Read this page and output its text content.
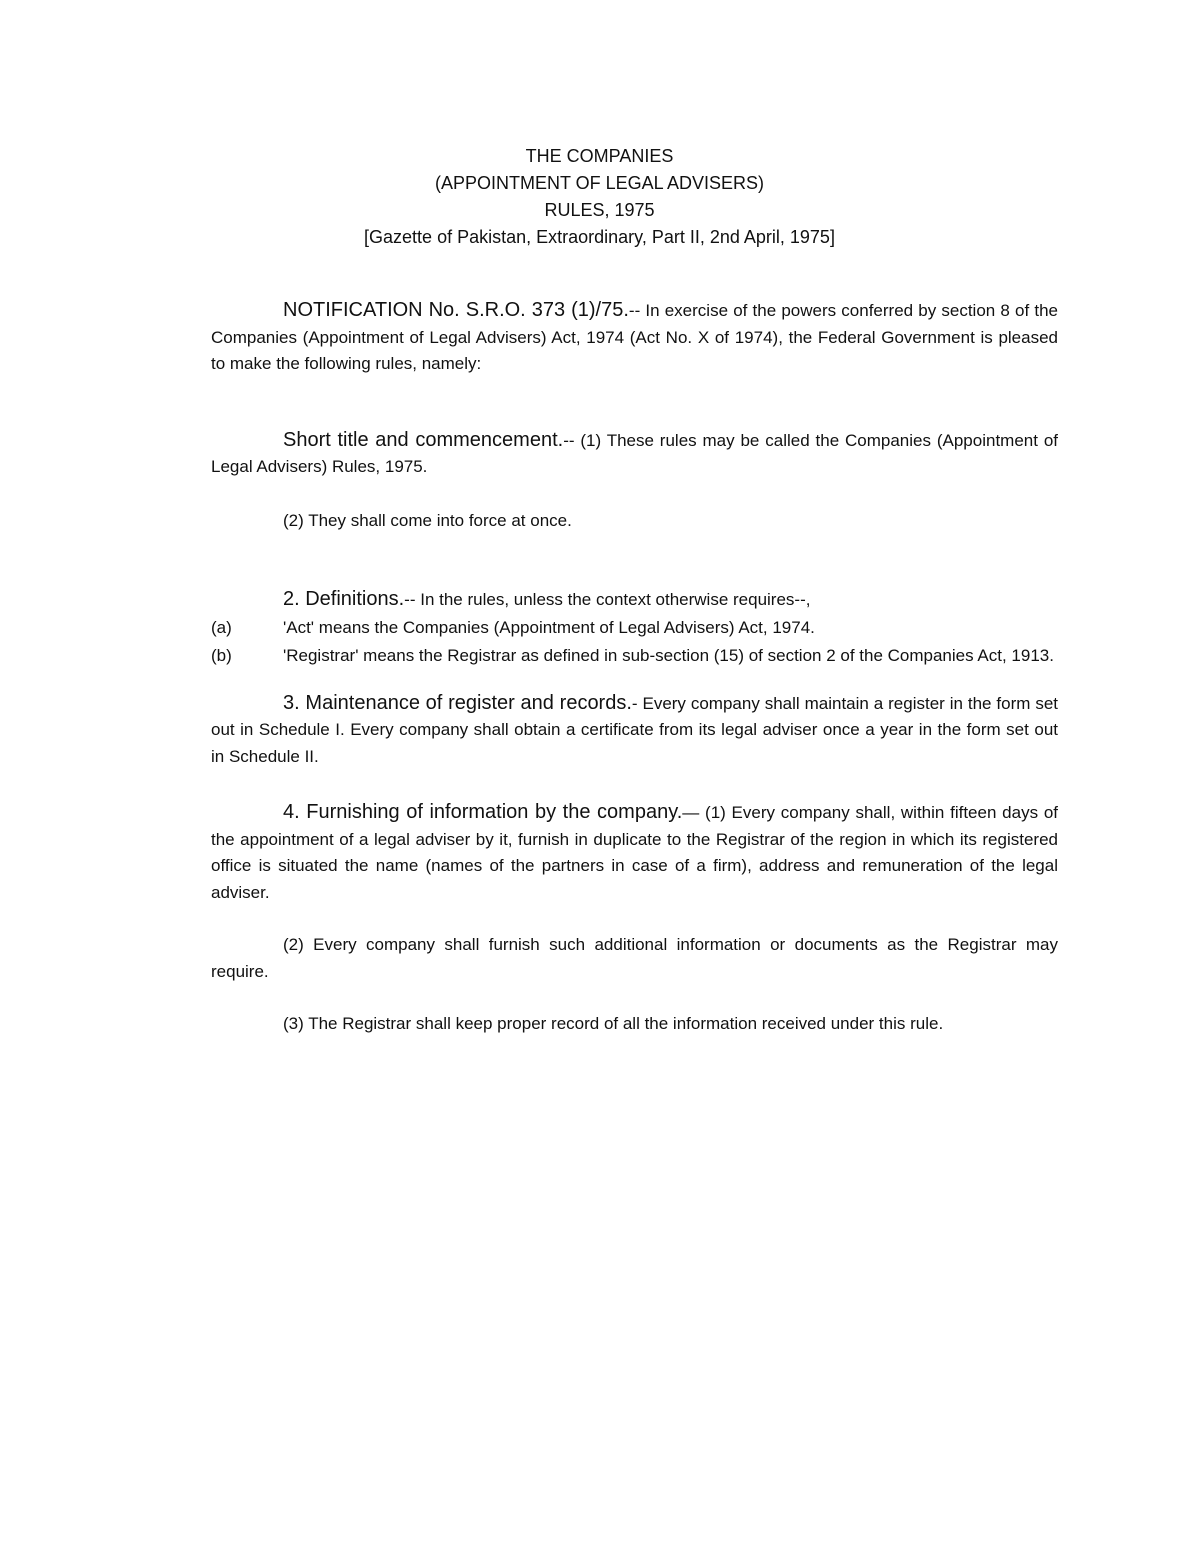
THE COMPANIES
(APPOINTMENT OF LEGAL ADVISERS)
RULES, 1975
[Gazette of Pakistan, Extraordinary, Part II, 2nd April, 1975]

NOTIFICATION No. S.R.O. 373 (1)/75.-- In exercise of the powers conferred by section 8 of the Companies (Appointment of Legal Advisers) Act, 1974 (Act No. X of 1974), the Federal Government is pleased to make the following rules, namely:

Short title and commencement.-- (1) These rules may be called the Companies (Appointment of Legal Advisers) Rules, 1975.

(2) They shall come into force at once.

2. Definitions.-- In the rules, unless the context otherwise requires--,

(a)	'Act' means the Companies (Appointment of Legal Advisers) Act, 1974.
(b)	'Registrar' means the Registrar as defined in sub-section (15) of section 2 of the Companies Act, 1913.

3. Maintenance of register and records.- Every company shall maintain a register in the form set out in Schedule I. Every company shall obtain a certificate from its legal adviser once a year in the form set out in Schedule II.

4. Furnishing of information by the company.— (1) Every company shall, within fifteen days of the appointment of a legal adviser by it, furnish in duplicate to the Registrar of the region in which its registered office is situated the name (names of the partners in case of a firm), address and remuneration of the legal adviser.

(2) Every company shall furnish such additional information or documents as the Registrar may require.

(3) The Registrar shall keep proper record of all the information received under this rule.
